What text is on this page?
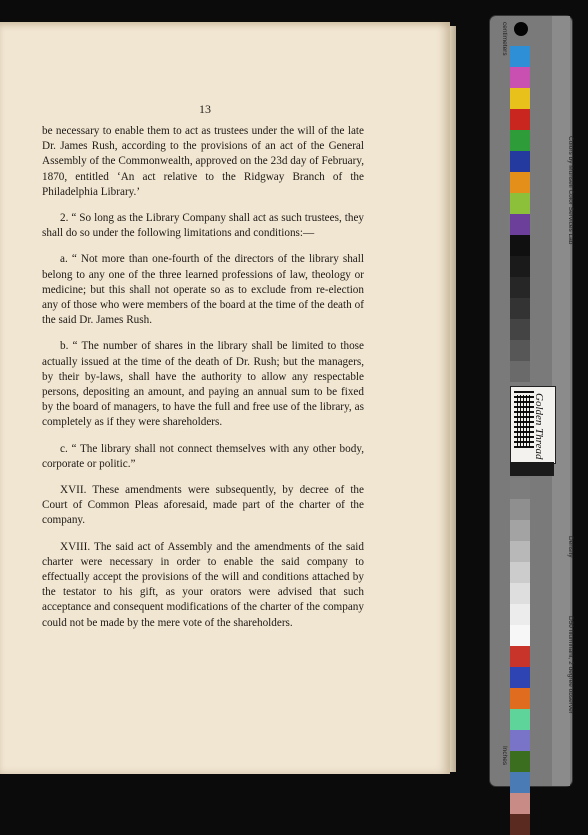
13

be necessary to enable them to act as trustees under the will of the late Dr. James Rush, according to the provisions of an act of the General Assembly of the Commonwealth, approved on the 23d day of February, 1870, entitled ‘An act relative to the Ridgway Branch of the Philadelphia Library.’

2. “ So long as the Library Company shall act as such trustees, they shall do so under the following limitations and conditions:—

a. “ Not more than one-fourth of the directors of the library shall belong to any one of the three learned professions of law, theology or medicine; but this shall not operate so as to exclude from re-election any of those who were members of the board at the time of the death of the said Dr. James Rush.

b. “ The number of shares in the library shall be limited to those actually issued at the time of the death of Dr. Rush; but the managers, by their by-laws, shall have the authority to allow any respectable persons, depositing an amount, and paying an annual sum to be fixed by the board of managers, to have the full and free use of the library, as completely as if they were shareholders.

c. “ The library shall not connect themselves with any other body, corporate or politic.”

XVII. These amendments were subsequently, by decree of the Court of Common Pleas aforesaid, made part of the charter of the company.

XVIII. The said act of Assembly and the amendments of the said charter were necessary in order to enable the said company to effectually accept the provisions of the will and conditions attached by the testator to his gift, as your orators were advised that such acceptance and consequent modifications of the charter of the company could not be made by the mere vote of the shareholders.

Colors by Munsell Color Services Lab
D50 Illuminant, 2 degree observer
Density
centimeters
Inches
Golden Thread
